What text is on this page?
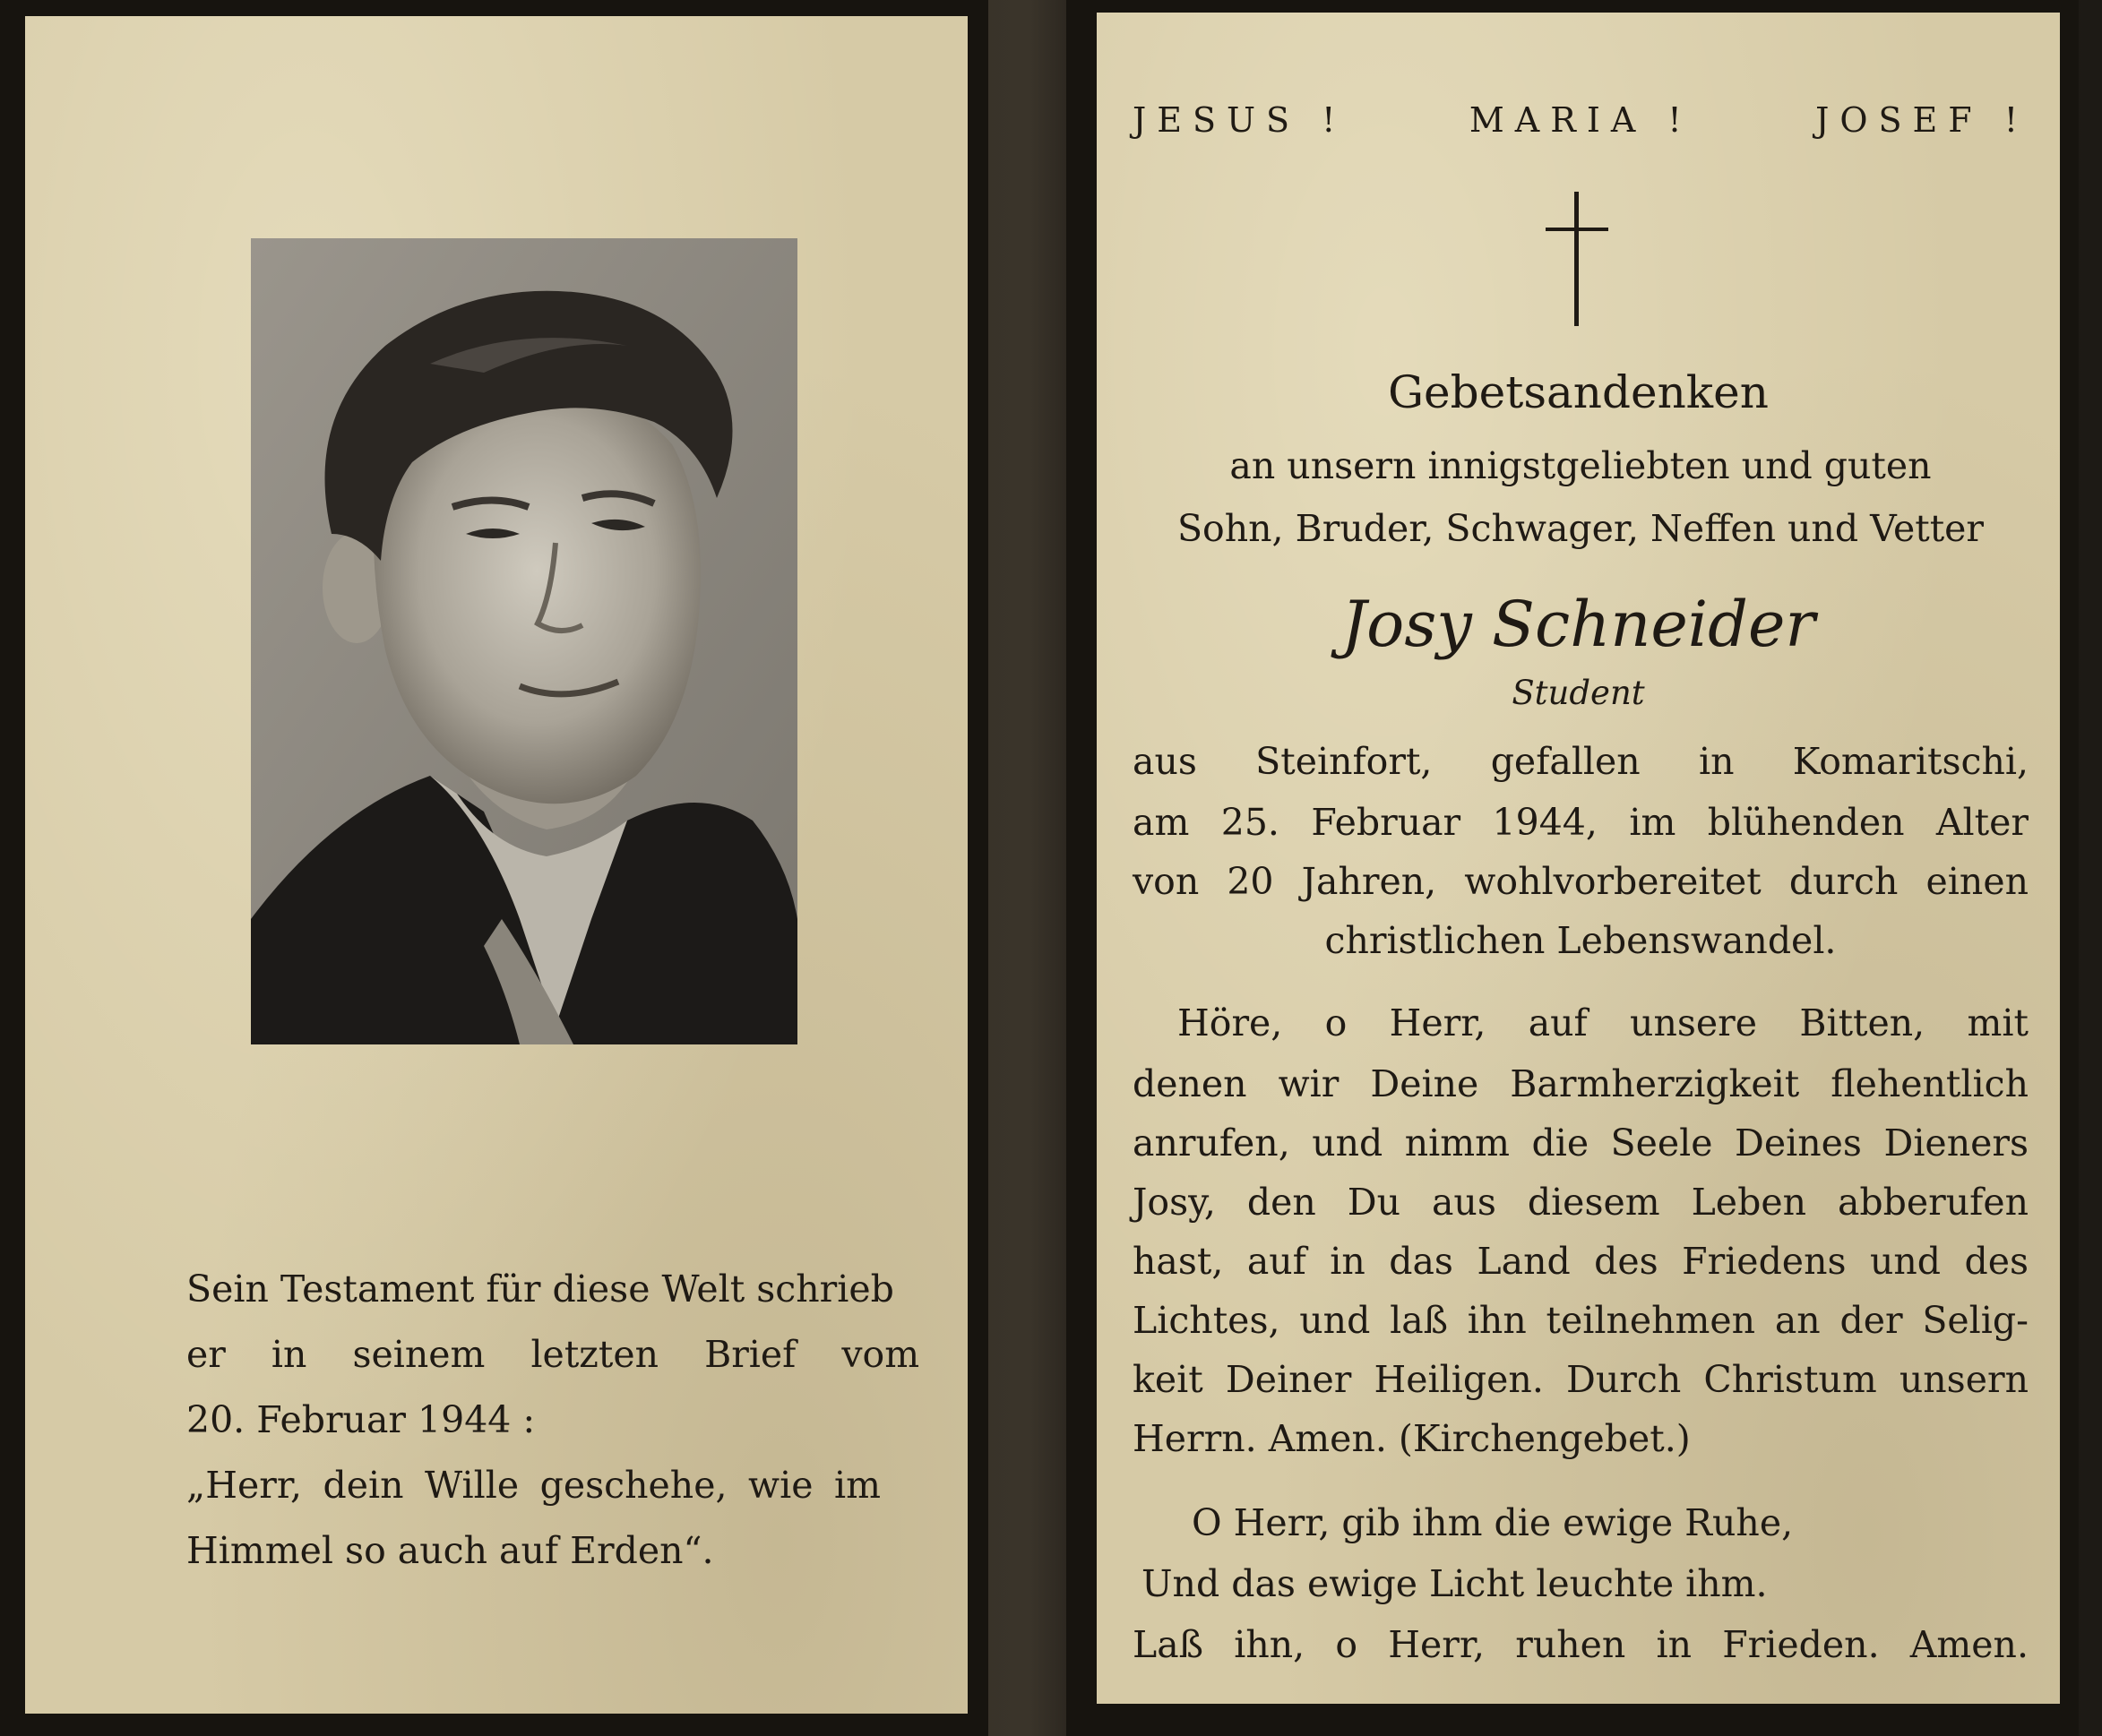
Sein Testament für diese Welt schrieb
er in seinem letzten Brief vom
20. Februar 1944 :
„Herr, dein Wille geschehe, wie im
Himmel so auch auf Erden“.
JESUS !	MARIA !	JOSEF !
Gebetsandenken
an unsern innigstgeliebten und guten
Sohn, Bruder, Schwager, Neffen und Vetter
Josy Schneider
Student
aus Steinfort, gefallen in Komaritschi,
am 25. Februar 1944, im blühenden Alter
von 20 Jahren, wohlvorbereitet durch einen
christlichen Lebenswandel.
Höre, o Herr, auf unsere Bitten, mit
denen wir Deine Barmherzigkeit flehentlich
anrufen, und nimm die Seele Deines Dieners
Josy, den Du aus diesem Leben abberufen
hast, auf in das Land des Friedens und des
Lichtes, und laß ihn teilnehmen an der Selig-
keit Deiner Heiligen. Durch Christum unsern
Herrn. Amen. (Kirchengebet.)
O Herr, gib ihm die ewige Ruhe,
Und das ewige Licht leuchte ihm.
Laß ihn, o Herr, ruhen in Frieden. Amen.
